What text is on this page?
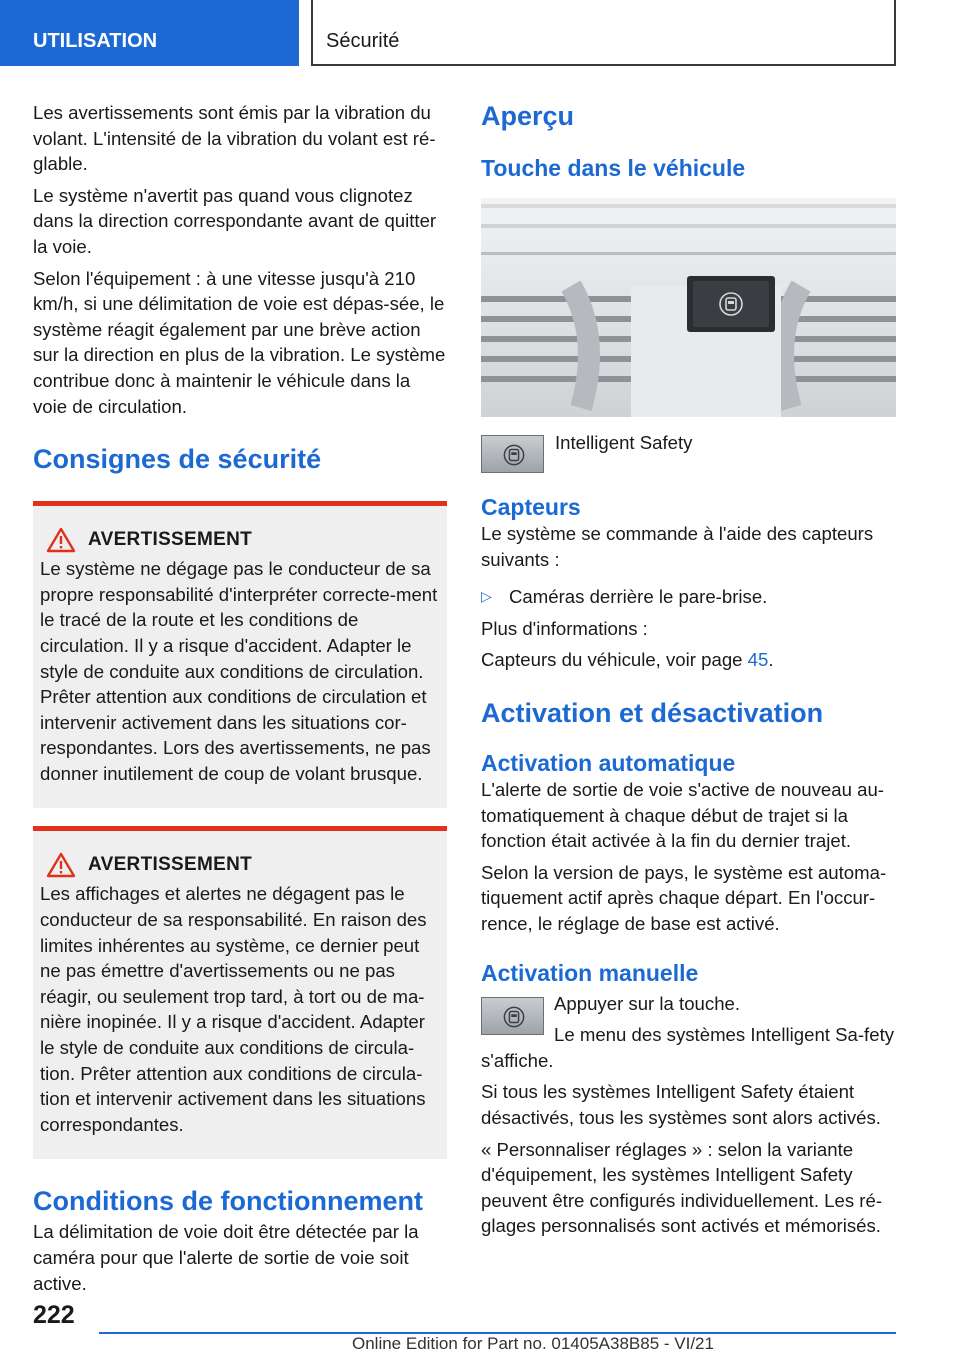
UTILISATION	Sécurité

Les avertissements sont émis par la vibration du volant. L'intensité de la vibration du volant est ré-glable.

Le système n'avertit pas quand vous clignotez dans la direction correspondante avant de quitter la voie.

Selon l'équipement : à une vitesse jusqu'à 210 km/h, si une délimitation de voie est dépas-sée, le système réagit également par une brève action sur la direction en plus de la vibration. Le système contribue donc à maintenir le véhicule dans la voie de circulation.

Consignes de sécurité
AVERTISSEMENT

Le système ne dégage pas le conducteur de sa propre responsabilité d'interpréter correcte-ment le tracé de la route et les conditions de circulation. Il y a risque d'accident. Adapter le style de conduite aux conditions de circulation. Prêter attention aux conditions de circulation et intervenir activement dans les situations cor-respondantes. Lors des avertissements, ne pas donner inutilement de coup de volant brusque.

AVERTISSEMENT

Les affichages et alertes ne dégagent pas le conducteur de sa responsabilité. En raison des limites inhérentes au système, ce dernier peut ne pas émettre d'avertissements ou ne pas réagir, ou seulement trop tard, à tort ou de ma-nière inopinée. Il y a risque d'accident. Adapter le style de conduite aux conditions de circula-tion. Prêter attention aux conditions de circula-tion et intervenir activement dans les situations correspondantes.

Conditions de fonctionnement

La délimitation de voie doit être détectée par la caméra pour que l'alerte de sortie de voie soit active.

Aperçu
Touche dans le véhicule
Intelligent Safety
Capteurs

Le système se commande à l'aide des capteurs suivants :

▷ Caméras derrière le pare-brise.

Plus d'informations :

Capteurs du véhicule, voir page 45.

Activation et désactivation
Activation automatique

L'alerte de sortie de voie s'active de nouveau au-tomatiquement à chaque début de trajet si la fonction était activée à la fin du dernier trajet.

Selon la version de pays, le système est automa-tiquement actif après chaque départ. En l'occur-rence, le réglage de base est activé.

Activation manuelle

Appuyer sur la touche.

Le menu des systèmes Intelligent Sa-fety s'affiche.

Si tous les systèmes Intelligent Safety étaient désactivés, tous les systèmes sont alors activés.

« Personnaliser réglages » : selon la variante d'équipement, les systèmes Intelligent Safety peuvent être configurés individuellement. Les ré-glages personnalisés sont activés et mémorisés.

222
Online Edition for Part no. 01405A38B85 - VI/21
